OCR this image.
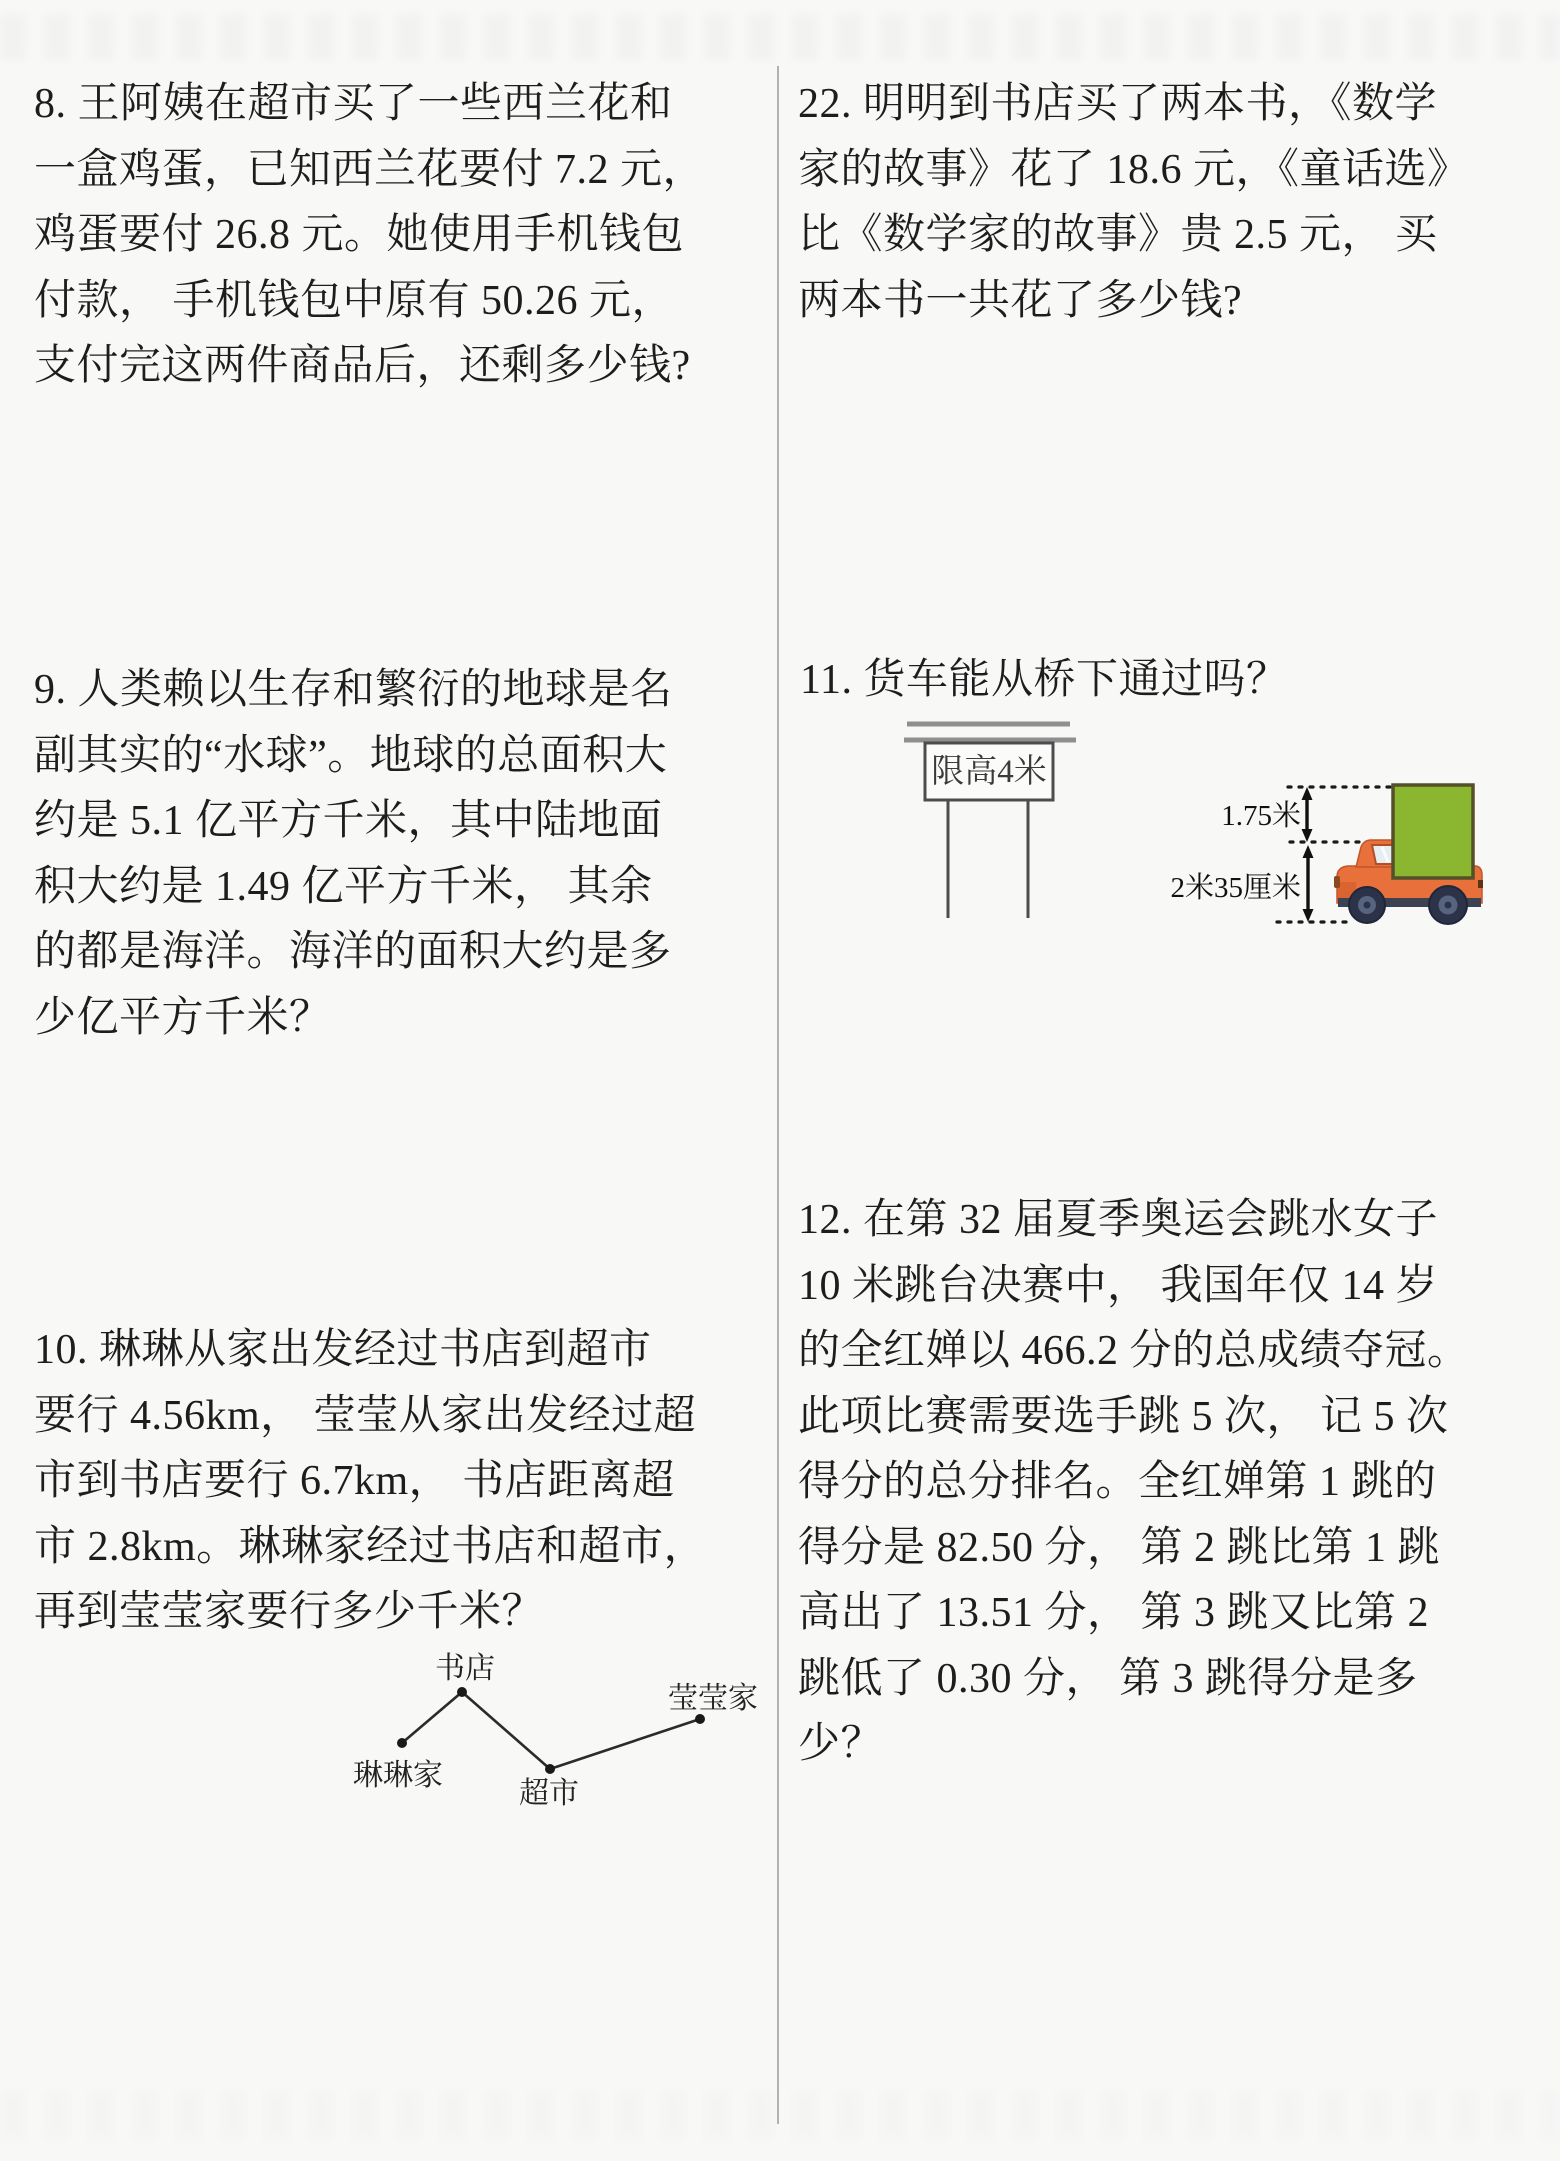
8. 王阿姨在超市买了一些西兰花和
一盒鸡蛋，已知西兰花要付 7.2 元，
鸡蛋要付 26.8 元。她使用手机钱包
付款， 手机钱包中原有 50.26 元，
支付完这两件商品后，还剩多少钱?
22. 明明到书店买了两本书，《数学
家的故事》花了 18.6 元，《童话选》
比《数学家的故事》贵 2.5 元， 买
两本书一共花了多少钱?
9. 人类赖以生存和繁衍的地球是名
副其实的“水球”。地球的总面积大
约是 5.1 亿平方千米，其中陆地面
积大约是 1.49 亿平方千米， 其余
的都是海洋。海洋的面积大约是多
少亿平方千米？
11. 货车能从桥下通过吗？
限高4米
1.75米
2米35厘米
10. 琳琳从家出发经过书店到超市
要行 4.56km， 莹莹从家出发经过超
市到书店要行 6.7km， 书店距离超
市 2.8km。琳琳家经过书店和超市，
再到莹莹家要行多少千米？
书店
琳琳家
超市
莹莹家
12. 在第 32 届夏季奥运会跳水女子
10 米跳台决赛中， 我国年仅 14 岁
的全红婵以 466.2 分的总成绩夺冠。
此项比赛需要选手跳 5 次， 记 5 次
得分的总分排名。全红婵第 1 跳的
得分是 82.50 分， 第 2 跳比第 1 跳
高出了 13.51 分， 第 3 跳又比第 2
跳低了 0.30 分， 第 3 跳得分是多
少？
